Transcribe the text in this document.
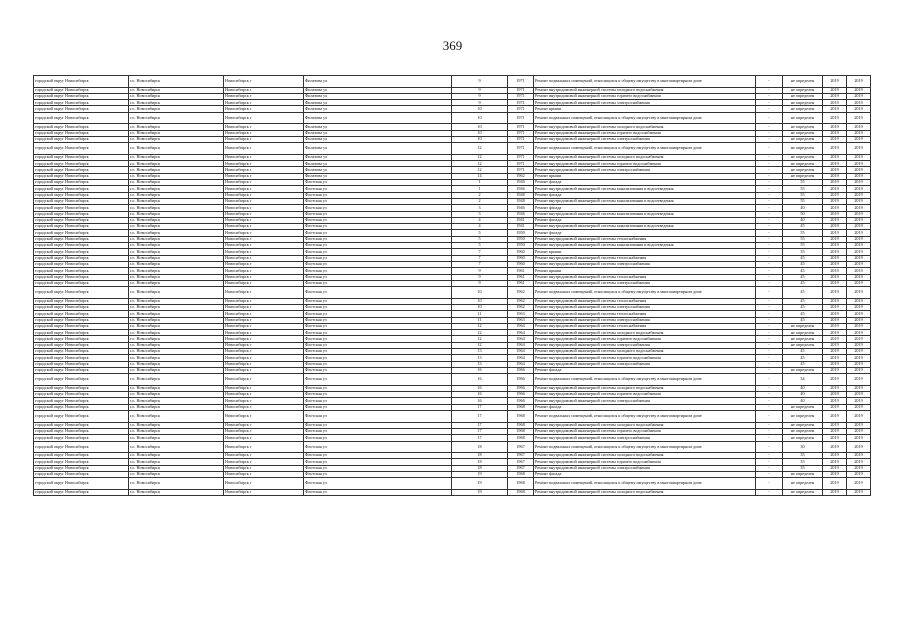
369
городской округ Новосибирск	г.о. Новосибирск	Новосибирск г	Филатова ул	9	1971	Ремонт подвальных помещений, относящихся к общему имуществу в многоквартирном доме	-	не определен	2019	2019
городской округ Новосибирск	г.о. Новосибирск	Новосибирск г	Филатова ул	9	1971	Ремонт внутридомовой инженерной системы холодного водоснабжения	-	не определен	2019	2019
городской округ Новосибирск	г.о. Новосибирск	Новосибирск г	Филатова ул	9	1971	Ремонт внутридомовой инженерной системы горячего водоснабжения	-	не определен	2019	2019
городской округ Новосибирск	г.о. Новосибирск	Новосибирск г	Филатова ул	9	1971	Ремонт внутридомовой инженерной системы электроснабжения	-	не определен	2019	2019
городской округ Новосибирск	г.о. Новосибирск	Новосибирск г	Филатова ул	10	1971	Ремонт крыши	-	не определен	2019	2019
городской округ Новосибирск	г.о. Новосибирск	Новосибирск г	Филатова ул	10	1971	Ремонт подвальных помещений, относящихся к общему имуществу в многоквартирном доме	-	не определен	2019	2019
городской округ Новосибирск	г.о. Новосибирск	Новосибирск г	Филатова ул	10	1971	Ремонт внутридомовой инженерной системы холодного водоснабжения	-	не определен	2019	2019
городской округ Новосибирск	г.о. Новосибирск	Новосибирск г	Филатова ул	10	1971	Ремонт внутридомовой инженерной системы горячего водоснабжения	-	не определен	2019	2019
городской округ Новосибирск	г.о. Новосибирск	Новосибирск г	Филатова ул	10	1971	Ремонт внутридомовой инженерной системы электроснабжения	-	не определен	2019	2019
городской округ Новосибирск	г.о. Новосибирск	Новосибирск г	Филатова ул	12	1971	Ремонт подвальных помещений, относящихся к общему имуществу в многоквартирном доме	-	не определен	2019	2019
городской округ Новосибирск	г.о. Новосибирск	Новосибирск г	Филатова ул	12	1971	Ремонт внутридомовой инженерной системы холодного водоснабжения	-	не определен	2019	2019
городской округ Новосибирск	г.о. Новосибирск	Новосибирск г	Филатова ул	12	1971	Ремонт внутридомовой инженерной системы горячего водоснабжения	-	не определен	2019	2019
городской округ Новосибирск	г.о. Новосибирск	Новосибирск г	Филатова ул	12	1971	Ремонт внутридомовой инженерной системы электроснабжения	-	не определен	2019	2019
городской округ Новосибирск	г.о. Новосибирск	Новосибирск г	Филатова ул	14	1962	Ремонт крыши	-	не определен	2019	2019
городской округ Новосибирск	г.о. Новосибирск	Новосибирск г	Флотская ул	1	1946	Ремонт фасада	-	55	2019	2019
городской округ Новосибирск	г.о. Новосибирск	Новосибирск г	Флотская ул	1	1946	Ремонт внутридомовой инженерной системы канализования и водоотведения	-	55	2019	2019
городской округ Новосибирск	г.о. Новосибирск	Новосибирск г	Флотская ул	2	1948	Ремонт фасада	-	55	2019	2019
городской округ Новосибирск	г.о. Новосибирск	Новосибирск г	Флотская ул	2	1948	Ремонт внутридомовой инженерной системы канализования и водоотведения	-	55	2019	2019
городской округ Новосибирск	г.о. Новосибирск	Новосибирск г	Флотская ул	3	1946	Ремонт фасада	-	40	2019	2019
городской округ Новосибирск	г.о. Новосибирск	Новосибирск г	Флотская ул	3	1946	Ремонт внутридомовой инженерной системы канализования и водоотведения	-	50	2019	2019
городской округ Новосибирск	г.о. Новосибирск	Новосибирск г	Флотская ул	4	1941	Ремонт фасада	-	40	2019	2019
городской округ Новосибирск	г.о. Новосибирск	Новосибирск г	Флотская ул	4	1941	Ремонт внутридомовой инженерной системы канализования и водоотведения	-	45	2019	2019
городской округ Новосибирск	г.о. Новосибирск	Новосибирск г	Флотская ул	5	1950	Ремонт фасада	-	55	2019	2019
городской округ Новосибирск	г.о. Новосибирск	Новосибирск г	Флотская ул	5	1950	Ремонт внутридомовой инженерной системы теплоснабжения	-	55	2019	2019
городской округ Новосибирск	г.о. Новосибирск	Новосибирск г	Флотская ул	5	1950	Ремонт внутридомовой инженерной системы канализования и водоотведения	-	55	2019	2019
городской округ Новосибирск	г.о. Новосибирск	Новосибирск г	Флотская ул	7	1960	Ремонт крыши	-	35	2019	2019
городской округ Новосибирск	г.о. Новосибирск	Новосибирск г	Флотская ул	7	1960	Ремонт внутридомовой инженерной системы теплоснабжения	-	45	2019	2019
городской округ Новосибирск	г.о. Новосибирск	Новосибирск г	Флотская ул	7	1960	Ремонт внутридомовой инженерной системы электроснабжения	-	45	2019	2019
городской округ Новосибирск	г.о. Новосибирск	Новосибирск г	Флотская ул	9	1961	Ремонт крыши	-	45	2019	2019
городской округ Новосибирск	г.о. Новосибирск	Новосибирск г	Флотская ул	9	1961	Ремонт внутридомовой инженерной системы теплоснабжения	-	45	2019	2019
городской округ Новосибирск	г.о. Новосибирск	Новосибирск г	Флотская ул	9	1961	Ремонт внутридомовой инженерной системы электроснабжения	-	45	2019	2019
городской округ Новосибирск	г.о. Новосибирск	Новосибирск г	Флотская ул	10	1962	Ремонт подвальных помещений, относящихся к общему имуществу в многоквартирном доме	-	45	2019	2019
городской округ Новосибирск	г.о. Новосибирск	Новосибирск г	Флотская ул	10	1962	Ремонт внутридомовой инженерной системы теплоснабжения	-	45	2019	2019
городской округ Новосибирск	г.о. Новосибирск	Новосибирск г	Флотская ул	10	1962	Ремонт внутридомовой инженерной системы электроснабжения	-	45	2019	2019
городской округ Новосибирск	г.о. Новосибирск	Новосибирск г	Флотская ул	11	1963	Ремонт внутридомовой инженерной системы теплоснабжения	-	45	2019	2019
городской округ Новосибирск	г.о. Новосибирск	Новосибирск г	Флотская ул	11	1963	Ремонт внутридомовой инженерной системы электроснабжения	-	45	2019	2019
городской округ Новосибирск	г.о. Новосибирск	Новосибирск г	Флотская ул	12	1964	Ремонт внутридомовой инженерной системы теплоснабжения	-	не определен	2019	2019
городской округ Новосибирск	г.о. Новосибирск	Новосибирск г	Флотская ул	12	1964	Ремонт внутридомовой инженерной системы холодного водоснабжения	-	не определен	2019	2019
городской округ Новосибирск	г.о. Новосибирск	Новосибирск г	Флотская ул	12	1964	Ремонт внутридомовой инженерной системы горячего водоснабжения	-	не определен	2019	2019
городской округ Новосибирск	г.о. Новосибирск	Новосибирск г	Флотская ул	12	1964	Ремонт внутридомовой инженерной системы электроснабжения	-	не определен	2019	2019
городской округ Новосибирск	г.о. Новосибирск	Новосибирск г	Флотская ул	13	1964	Ремонт внутридомовой инженерной системы холодного водоснабжения	-	45	2019	2019
городской округ Новосибирск	г.о. Новосибирск	Новосибирск г	Флотская ул	13	1964	Ремонт внутридомовой инженерной системы горячего водоснабжения	-	45	2019	2019
городской округ Новосибирск	г.о. Новосибирск	Новосибирск г	Флотская ул	13	1964	Ремонт внутридомовой инженерной системы электроснабжения	-	45	2019	2019
городской округ Новосибирск	г.о. Новосибирск	Новосибирск г	Флотская ул	16	1966	Ремонт фасада	-	не определен	2019	2019
городской округ Новосибирск	г.о. Новосибирск	Новосибирск г	Флотская ул	16	1966	Ремонт подвальных помещений, относящихся к общему имуществу в многоквартирном доме	-	34	2019	2019
городской округ Новосибирск	г.о. Новосибирск	Новосибирск г	Флотская ул	16	1966	Ремонт внутридомовой инженерной системы холодного водоснабжения	-	40	2019	2019
городской округ Новосибирск	г.о. Новосибирск	Новосибирск г	Флотская ул	16	1966	Ремонт внутридомовой инженерной системы горячего водоснабжения	-	40	2019	2019
городской округ Новосибирск	г.о. Новосибирск	Новосибирск г	Флотская ул	16	1966	Ремонт внутридомовой инженерной системы электроснабжения	-	40	2019	2019
городской округ Новосибирск	г.о. Новосибирск	Новосибирск г	Флотская ул	17	1968	Ремонт фасада	-	не определен	2019	2019
городской округ Новосибирск	г.о. Новосибирск	Новосибирск г	Флотская ул	17	1968	Ремонт подвальных помещений, относящихся к общему имуществу в многоквартирном доме	-	не определен	2019	2019
городской округ Новосибирск	г.о. Новосибирск	Новосибирск г	Флотская ул	17	1968	Ремонт внутридомовой инженерной системы холодного водоснабжения	-	не определен	2019	2019
городской округ Новосибирск	г.о. Новосибирск	Новосибирск г	Флотская ул	17	1968	Ремонт внутридомовой инженерной системы горячего водоснабжения	-	не определен	2019	2019
городской округ Новосибирск	г.о. Новосибирск	Новосибирск г	Флотская ул	17	1968	Ремонт внутридомовой инженерной системы электроснабжения	-	не определен	2019	2019
городской округ Новосибирск	г.о. Новосибирск	Новосибирск г	Флотская ул	18	1967	Ремонт подвальных помещений, относящихся к общему имуществу в многоквартирном доме	-	30	2019	2019
городской округ Новосибирск	г.о. Новосибирск	Новосибирск г	Флотская ул	18	1967	Ремонт внутридомовой инженерной системы холодного водоснабжения	-	35	2019	2019
городской округ Новосибирск	г.о. Новосибирск	Новосибирск г	Флотская ул	18	1967	Ремонт внутридомовой инженерной системы горячего водоснабжения	-	35	2019	2019
городской округ Новосибирск	г.о. Новосибирск	Новосибирск г	Флотская ул	18	1967	Ремонт внутридомовой инженерной системы электроснабжения	-	35	2019	2019
городской округ Новосибирск	г.о. Новосибирск	Новосибирск г	Флотская ул	19	1968	Ремонт фасада	-	не определен	2019	2019
городской округ Новосибирск	г.о. Новосибирск	Новосибирск г	Флотская ул	19	1968	Ремонт подвальных помещений, относящихся к общему имуществу в многоквартирном доме	-	не определен	2019	2019
городской округ Новосибирск	г.о. Новосибирск	Новосибирск г	Флотская ул	19	1968	Ремонт внутридомовой инженерной системы холодного водоснабжения	-	не определен	2019	2019
